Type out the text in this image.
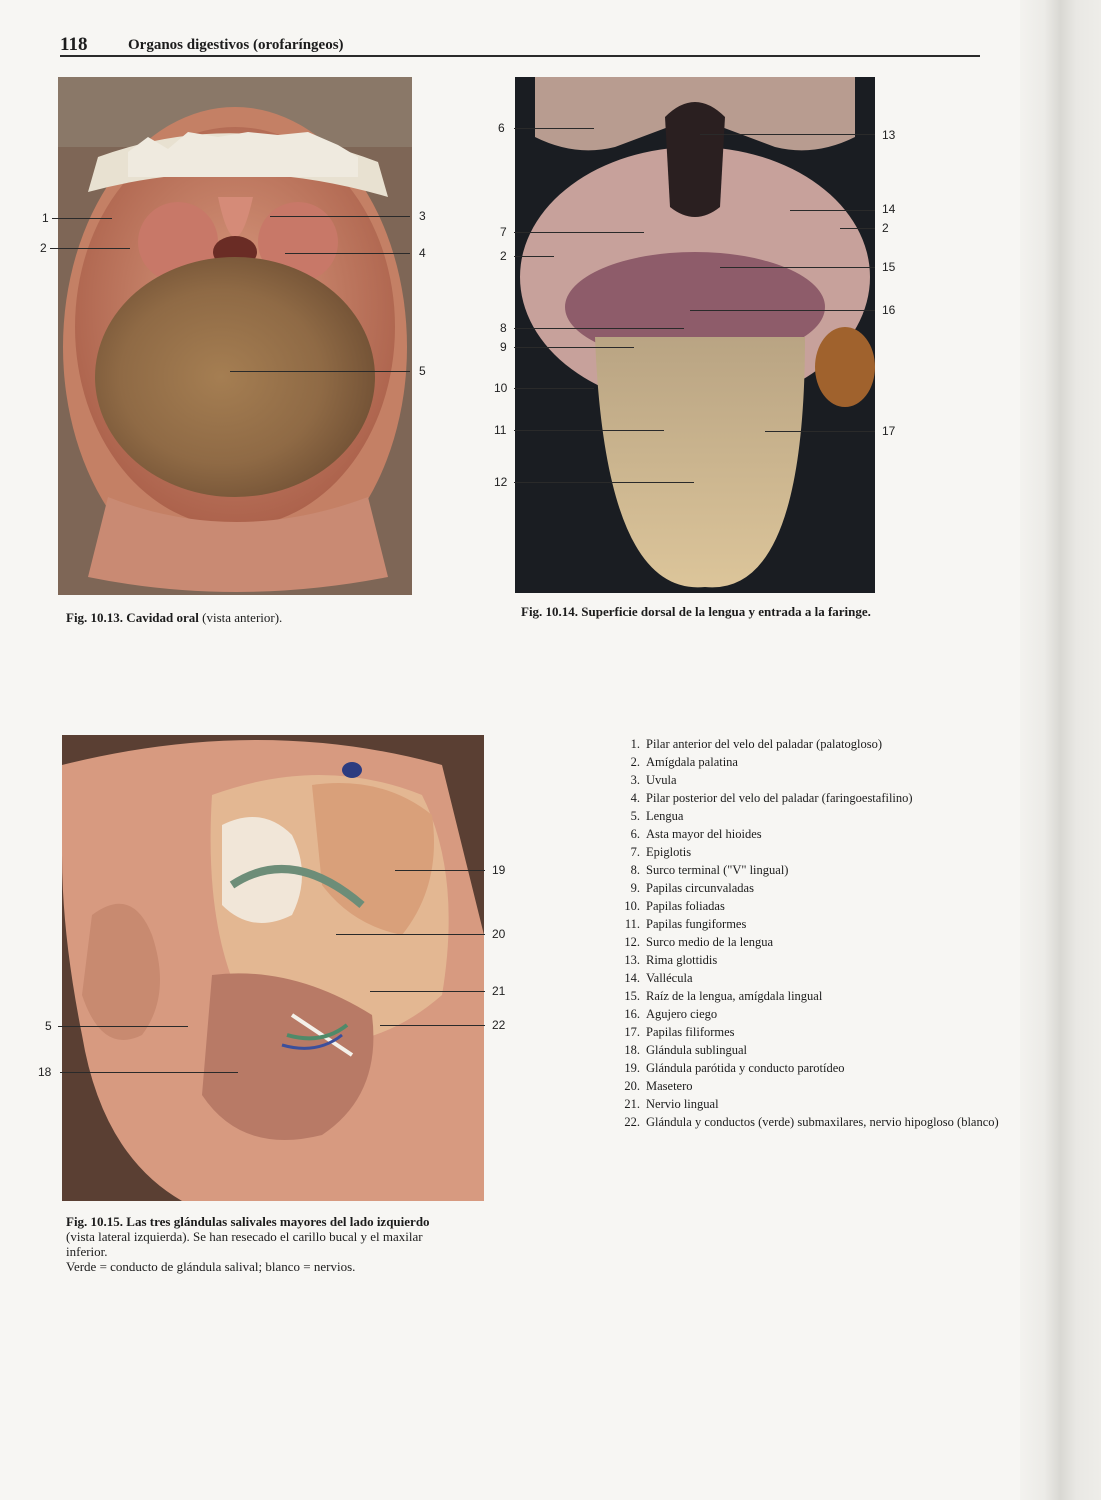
118	Organos digestivos (orofaríngeos)
1
2
3
4
5
Fig. 10.13. Cavidad oral (vista anterior).
6
7
2
8
9
10
11
12
13
14
2
15
16
17
Fig. 10.14. Superficie dorsal de la lengua y entrada a la faringe.
19
20
21
22
5
18
Fig. 10.15. Las tres glándulas salivales mayores del lado izquierdo (vista lateral izquierda). Se han resecado el carillo bucal y el maxilar inferior.
Verde = conducto de glándula salival; blanco = nervios.
1. Pilar anterior del velo del paladar (palatogloso)
2. Amígdala palatina
3. Uvula
4. Pilar posterior del velo del paladar (faringoestafilino)
5. Lengua
6. Asta mayor del hioides
7. Epiglotis
8. Surco terminal ("V" lingual)
9. Papilas circunvaladas
10. Papilas foliadas
11. Papilas fungiformes
12. Surco medio de la lengua
13. Rima glottidis
14. Vallécula
15. Raíz de la lengua, amígdala lingual
16. Agujero ciego
17. Papilas filiformes
18. Glándula sublingual
19. Glándula parótida y conducto parotídeo
20. Masetero
21. Nervio lingual
22. Glándula y conductos (verde) submaxilares, nervio hipogloso (blanco)
